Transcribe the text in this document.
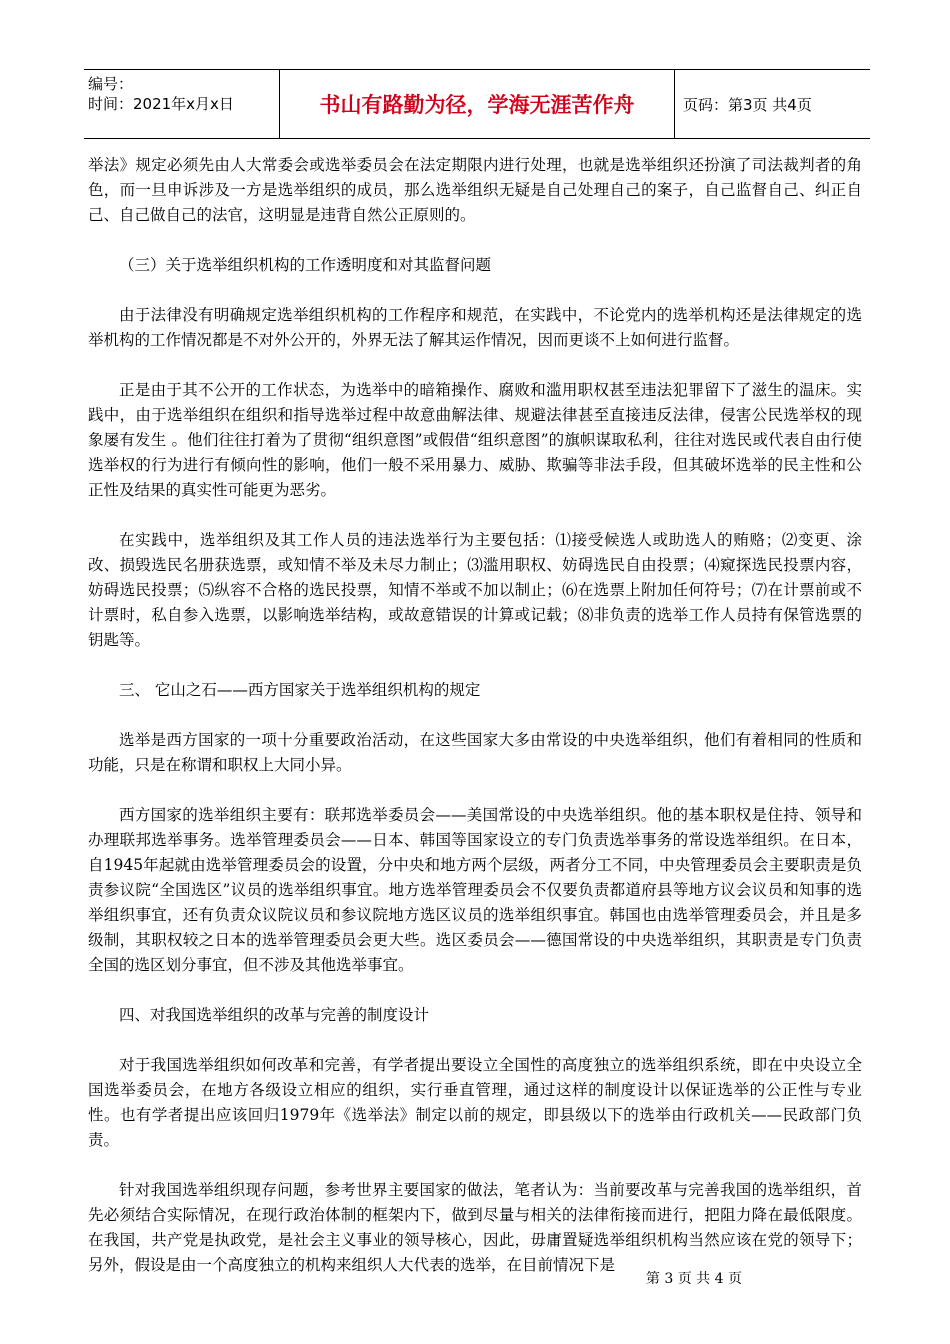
编号：
时间：2021年x月x日	书山有路勤为径，学海无涯苦作舟	页码：第3页 共4页

举法》规定必须先由人大常委会或选举委员会在法定期限内进行处理，也就是选举组织还扮演了司法裁判者的角色，而一旦申诉涉及一方是选举组织的成员，那么选举组织无疑是自己处理自己的案子，自己监督自己、纠正自己、自己做自己的法官，这明显是违背自然公正原则的。

（三）关于选举组织机构的工作透明度和对其监督问题

由于法律没有明确规定选举组织机构的工作程序和规范，在实践中，不论党内的选举机构还是法律规定的选举机构的工作情况都是不对外公开的，外界无法了解其运作情况，因而更谈不上如何进行监督。

正是由于其不公开的工作状态，为选举中的暗箱操作、腐败和滥用职权甚至违法犯罪留下了滋生的温床。实践中，由于选举组织在组织和指导选举过程中故意曲解法律、规避法律甚至直接违反法律，侵害公民选举权的现象屡有发生 。他们往往打着为了贯彻“组织意图”或假借“组织意图”的旗帜谋取私利，往往对选民或代表自由行使选举权的行为进行有倾向性的影响，他们一般不采用暴力、威胁、欺骗等非法手段，但其破坏选举的民主性和公正性及结果的真实性可能更为恶劣。

在实践中，选举组织及其工作人员的违法选举行为主要包括：⑴接受候选人或助选人的贿赂；⑵变更、涂改、损毁选民名册获选票，或知情不举及未尽力制止；⑶滥用职权、妨碍选民自由投票；⑷窥探选民投票内容，妨碍选民投票；⑸纵容不合格的选民投票，知情不举或不加以制止；⑹在选票上附加任何符号；⑺在计票前或不计票时，私自参入选票，以影响选举结构，或故意错误的计算或记载；⑻非负责的选举工作人员持有保管选票的钥匙等。

三、 它山之石——西方国家关于选举组织机构的规定

选举是西方国家的一项十分重要政治活动，在这些国家大多由常设的中央选举组织，他们有着相同的性质和功能，只是在称谓和职权上大同小异。

西方国家的选举组织主要有：联邦选举委员会——美国常设的中央选举组织。他的基本职权是住持、领导和办理联邦选举事务。选举管理委员会——日本、韩国等国家设立的专门负责选举事务的常设选举组织。在日本，自1945年起就由选举管理委员会的设置，分中央和地方两个层级，两者分工不同，中央管理委员会主要职责是负责参议院“全国选区”议员的选举组织事宜。地方选举管理委员会不仅要负责都道府县等地方议会议员和知事的选举组织事宜，还有负责众议院议员和参议院地方选区议员的选举组织事宜。韩国也由选举管理委员会，并且是多级制，其职权较之日本的选举管理委员会更大些。选区委员会——德国常设的中央选举组织，其职责是专门负责全国的选区划分事宜，但不涉及其他选举事宜。

四、对我国选举组织的改革与完善的制度设计

对于我国选举组织如何改革和完善，有学者提出要设立全国性的高度独立的选举组织系统，即在中央设立全国选举委员会，在地方各级设立相应的组织，实行垂直管理，通过这样的制度设计以保证选举的公正性与专业性。也有学者提出应该回归1979年《选举法》制定以前的规定，即县级以下的选举由行政机关——民政部门负责。

针对我国选举组织现存问题，参考世界主要国家的做法，笔者认为：当前要改革与完善我国的选举组织，首先必须结合实际情况，在现行政治体制的框架内下，做到尽量与相关的法律衔接而进行，把阻力降在最低限度。在我国，共产党是执政党，是社会主义事业的领导核心，因此，毋庸置疑选举组织机构当然应该在党的领导下；另外，假设是由一个高度独立的机构来组织人大代表的选举，在目前情况下是

第 3 页 共 4 页
